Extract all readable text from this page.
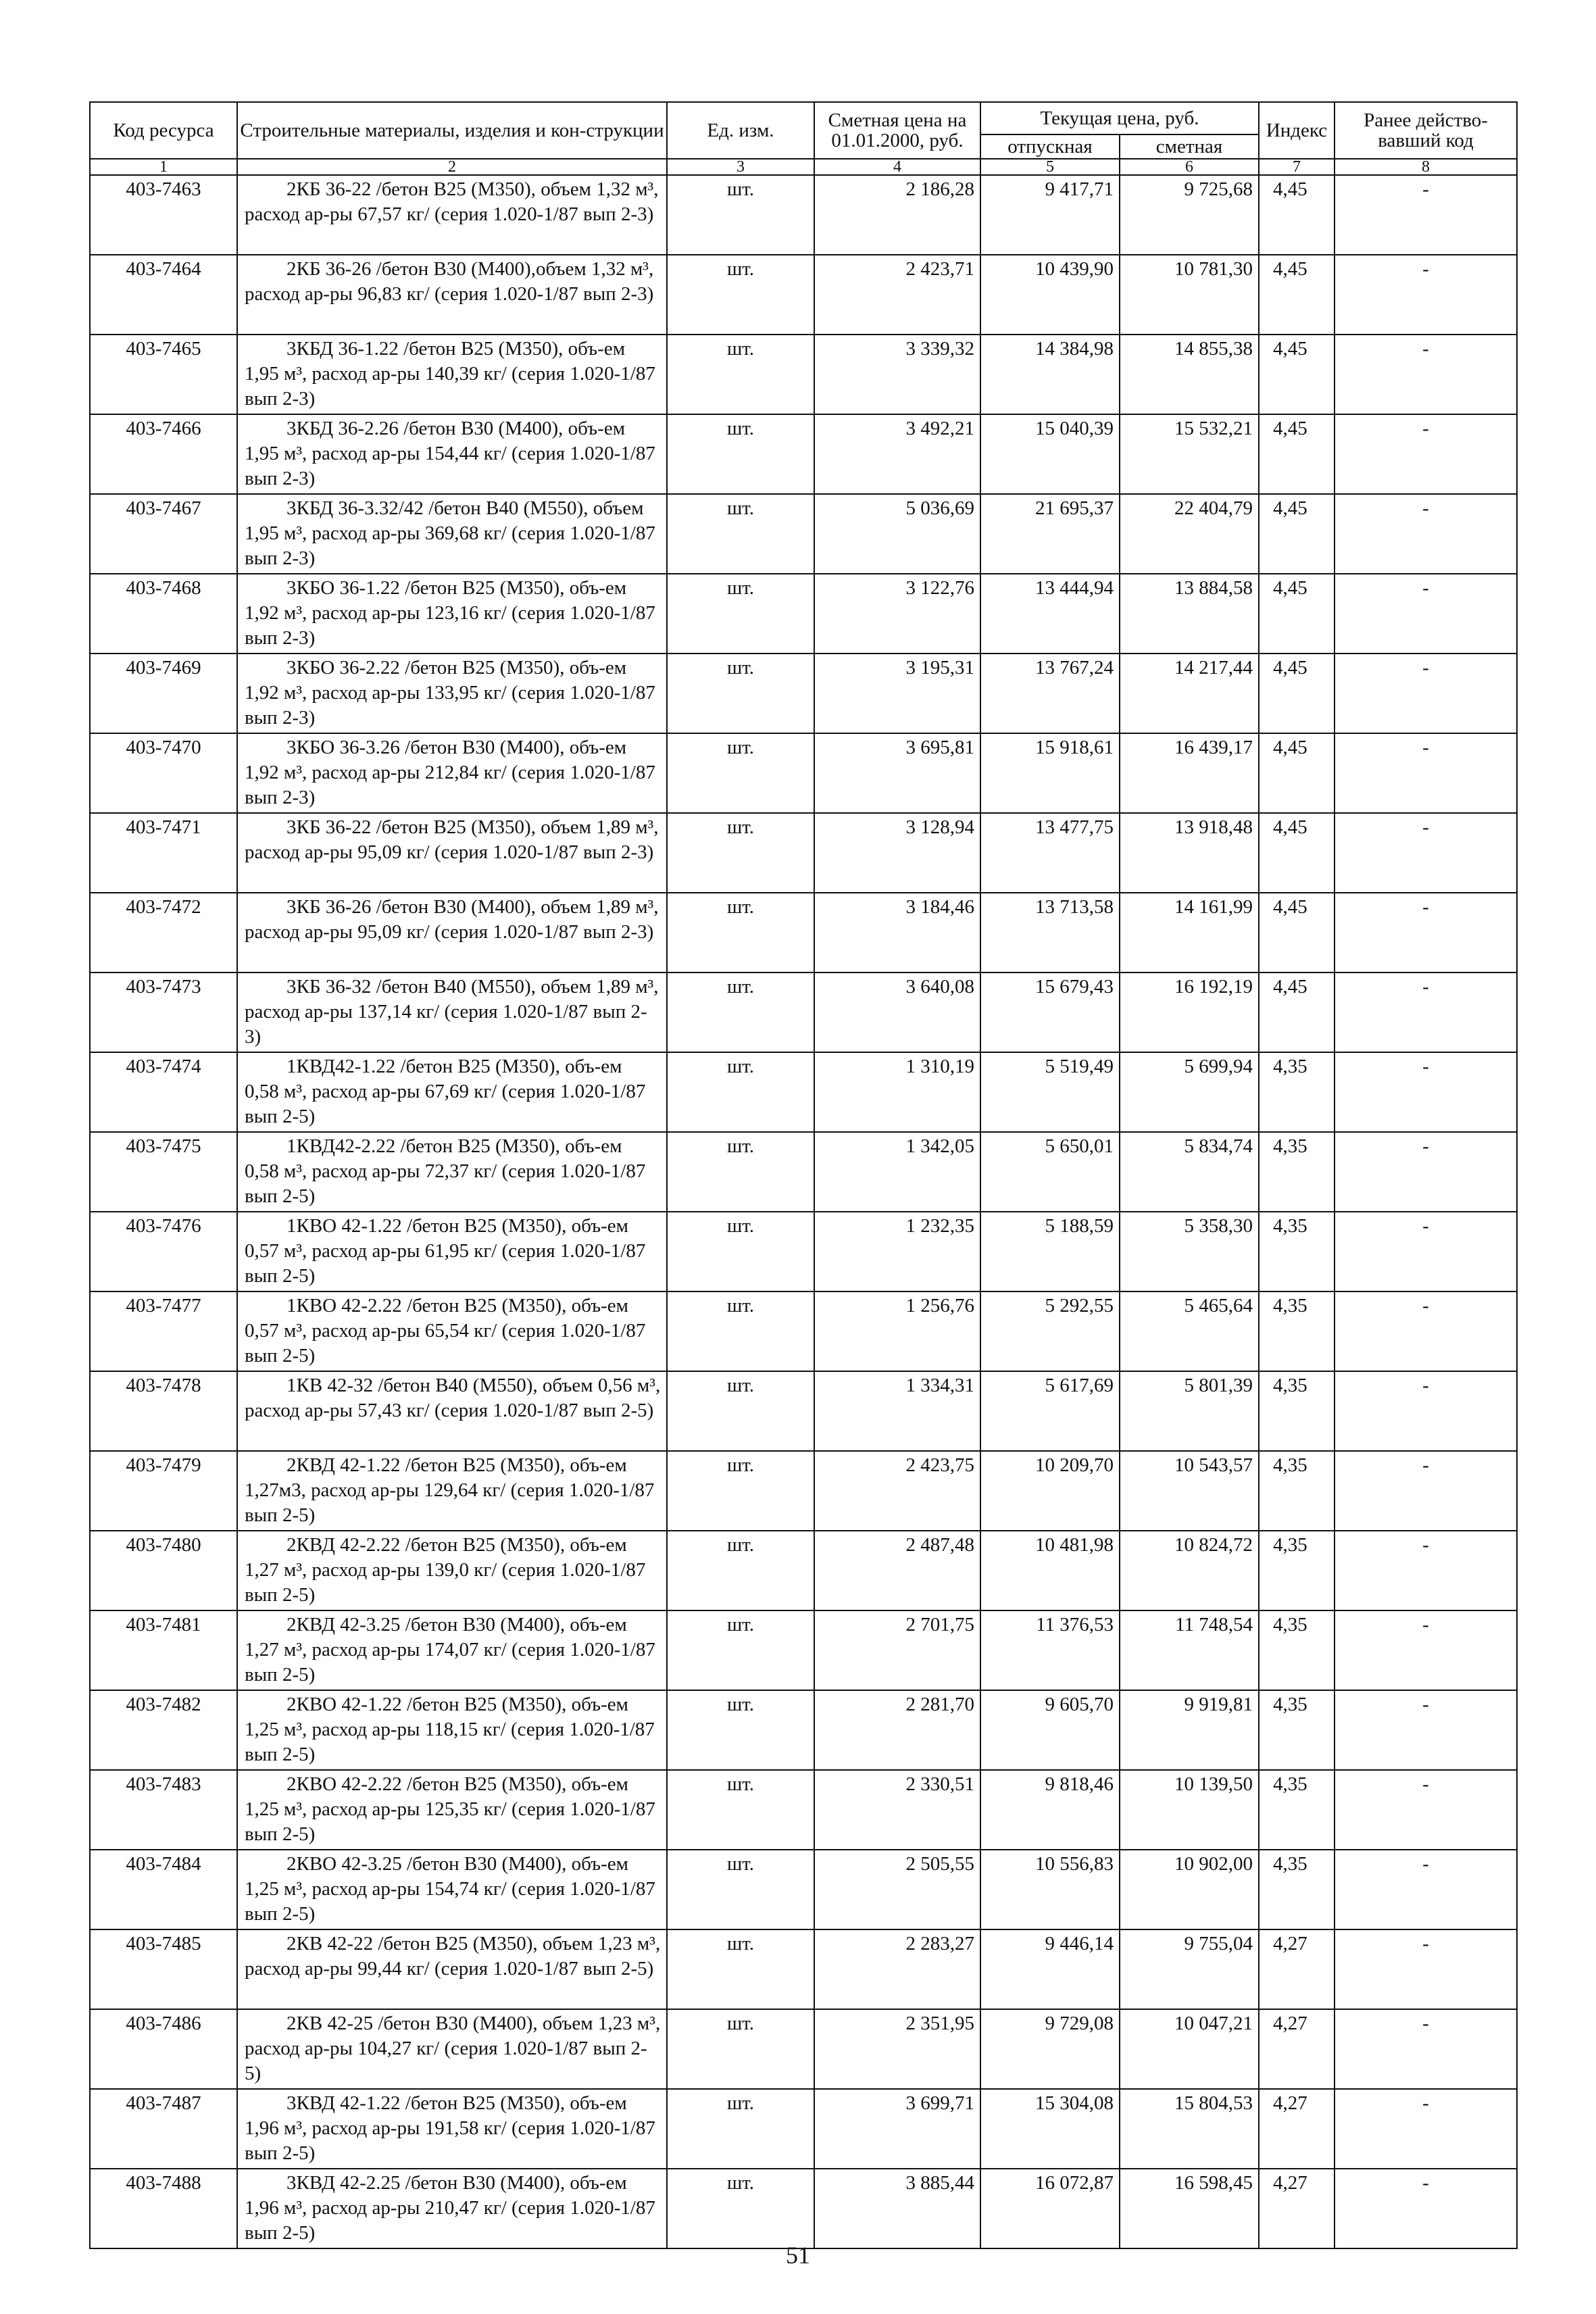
Код ресурса	Строительные материалы, изделия и кон-струкции	Ед. изм.	Сметная цена на 01.01.2000, руб.	Текущая цена, руб.		Индекс	Ранее действо-вавший код
				отпускная	сметная		
1	2	3	4	5	6	7	8
403-7463	2КБ 36-22 /бетон В25 (М350), объем 1,32 м³, расход ар-ры 67,57 кг/ (серия 1.020-1/87 вып 2-3)	шт.	2 186,28	9 417,71	9 725,68	4,45	-
403-7464	2КБ 36-26 /бетон В30 (М400),объем 1,32 м³, расход ар-ры 96,83 кг/ (серия 1.020-1/87 вып 2-3)	шт.	2 423,71	10 439,90	10 781,30	4,45	-
403-7465	3КБД 36-1.22 /бетон В25 (М350), объ-ем 1,95 м³, расход ар-ры 140,39 кг/ (серия 1.020-1/87 вып 2-3)	шт.	3 339,32	14 384,98	14 855,38	4,45	-
403-7466	3КБД 36-2.26 /бетон В30 (М400), объ-ем 1,95 м³, расход ар-ры 154,44 кг/ (серия 1.020-1/87 вып 2-3)	шт.	3 492,21	15 040,39	15 532,21	4,45	-
403-7467	3КБД 36-3.32/42 /бетон В40 (М550), объем 1,95 м³, расход ар-ры 369,68 кг/ (серия 1.020-1/87 вып 2-3)	шт.	5 036,69	21 695,37	22 404,79	4,45	-
403-7468	3КБО 36-1.22 /бетон В25 (М350), объ-ем 1,92 м³, расход ар-ры 123,16 кг/ (серия 1.020-1/87 вып 2-3)	шт.	3 122,76	13 444,94	13 884,58	4,45	-
403-7469	3КБО 36-2.22 /бетон В25 (М350), объ-ем 1,92 м³, расход ар-ры 133,95 кг/ (серия 1.020-1/87 вып 2-3)	шт.	3 195,31	13 767,24	14 217,44	4,45	-
403-7470	3КБО 36-3.26 /бетон В30 (М400), объ-ем 1,92 м³, расход ар-ры 212,84 кг/ (серия 1.020-1/87 вып 2-3)	шт.	3 695,81	15 918,61	16 439,17	4,45	-
403-7471	3КБ 36-22 /бетон В25 (М350), объем 1,89 м³, расход ар-ры 95,09 кг/ (серия 1.020-1/87 вып 2-3)	шт.	3 128,94	13 477,75	13 918,48	4,45	-
403-7472	3КБ 36-26 /бетон В30 (М400), объем 1,89 м³, расход ар-ры 95,09 кг/ (серия 1.020-1/87 вып 2-3)	шт.	3 184,46	13 713,58	14 161,99	4,45	-
403-7473	3КБ 36-32 /бетон В40 (М550), объем 1,89 м³, расход ар-ры 137,14 кг/ (серия 1.020-1/87 вып 2-3)	шт.	3 640,08	15 679,43	16 192,19	4,45	-
403-7474	1КВД42-1.22 /бетон В25 (М350), объ-ем 0,58 м³, расход ар-ры 67,69 кг/ (серия 1.020-1/87 вып 2-5)	шт.	1 310,19	5 519,49	5 699,94	4,35	-
403-7475	1КВД42-2.22 /бетон В25 (М350), объ-ем 0,58 м³, расход ар-ры 72,37 кг/ (серия 1.020-1/87 вып 2-5)	шт.	1 342,05	5 650,01	5 834,74	4,35	-
403-7476	1КВО 42-1.22 /бетон В25 (М350), объ-ем 0,57 м³, расход ар-ры 61,95 кг/ (серия 1.020-1/87 вып 2-5)	шт.	1 232,35	5 188,59	5 358,30	4,35	-
403-7477	1КВО 42-2.22 /бетон В25 (М350), объ-ем 0,57 м³, расход ар-ры 65,54 кг/ (серия 1.020-1/87 вып 2-5)	шт.	1 256,76	5 292,55	5 465,64	4,35	-
403-7478	1КВ 42-32 /бетон В40 (М550), объем 0,56 м³, расход ар-ры 57,43 кг/ (серия 1.020-1/87 вып 2-5)	шт.	1 334,31	5 617,69	5 801,39	4,35	-
403-7479	2КВД 42-1.22 /бетон В25 (М350), объ-ем 1,27м3, расход ар-ры 129,64 кг/ (серия 1.020-1/87 вып 2-5)	шт.	2 423,75	10 209,70	10 543,57	4,35	-
403-7480	2КВД 42-2.22 /бетон В25 (М350), объ-ем 1,27 м³, расход ар-ры 139,0 кг/ (серия 1.020-1/87 вып 2-5)	шт.	2 487,48	10 481,98	10 824,72	4,35	-
403-7481	2КВД 42-3.25 /бетон В30 (М400), объ-ем 1,27 м³, расход ар-ры 174,07 кг/ (серия 1.020-1/87 вып 2-5)	шт.	2 701,75	11 376,53	11 748,54	4,35	-
403-7482	2КВО 42-1.22 /бетон В25 (М350), объ-ем 1,25 м³, расход ар-ры 118,15 кг/ (серия 1.020-1/87 вып 2-5)	шт.	2 281,70	9 605,70	9 919,81	4,35	-
403-7483	2КВО 42-2.22 /бетон В25 (М350), объ-ем 1,25 м³, расход ар-ры 125,35 кг/ (серия 1.020-1/87 вып 2-5)	шт.	2 330,51	9 818,46	10 139,50	4,35	-
403-7484	2КВО 42-3.25 /бетон В30 (М400), объ-ем 1,25 м³, расход ар-ры 154,74 кг/ (серия 1.020-1/87 вып 2-5)	шт.	2 505,55	10 556,83	10 902,00	4,35	-
403-7485	2КВ 42-22 /бетон В25 (М350), объем 1,23 м³, расход ар-ры 99,44 кг/ (серия 1.020-1/87 вып 2-5)	шт.	2 283,27	9 446,14	9 755,04	4,27	-
403-7486	2КВ 42-25 /бетон В30 (М400), объем 1,23 м³, расход ар-ры 104,27 кг/ (серия 1.020-1/87 вып 2-5)	шт.	2 351,95	9 729,08	10 047,21	4,27	-
403-7487	3КВД 42-1.22 /бетон В25 (М350), объ-ем 1,96 м³, расход ар-ры 191,58 кг/ (серия 1.020-1/87 вып 2-5)	шт.	3 699,71	15 304,08	15 804,53	4,27	-
403-7488	3КВД 42-2.25 /бетон В30 (М400), объ-ем 1,96 м³, расход ар-ры 210,47 кг/ (серия 1.020-1/87 вып 2-5)	шт.	3 885,44	16 072,87	16 598,45	4,27	-
51
